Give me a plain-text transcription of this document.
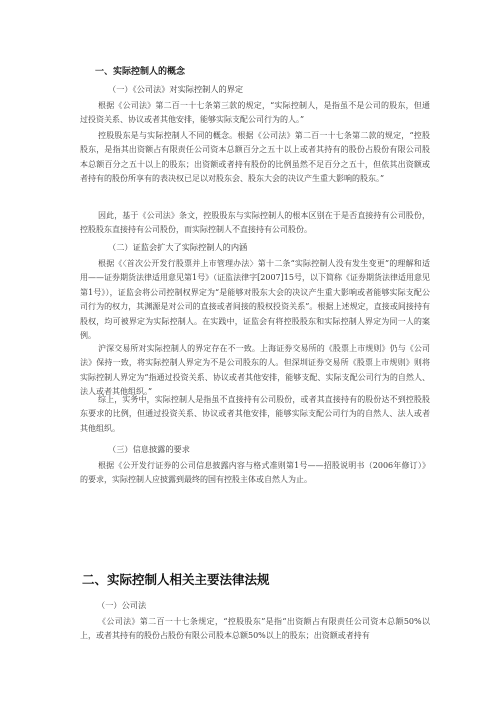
一、实际控制人的概念
（一）《公司法》对实际控制人的界定
根据《公司法》第二百一十七条第三款的规定，“实际控制人，是指虽不是公司的股东，但通过投资关系、协议或者其他安排，能够实际支配公司行为的人。”
控股股东是与实际控制人不同的概念。根据《公司法》第二百一十七条第二款的规定，“控股股东，是指其出资额占有限责任公司资本总额百分之五十以上或者其持有的股份占股份有限公司股本总额百分之五十以上的股东；出资额或者持有股份的比例虽然不足百分之五十，但依其出资额或者持有的股份所享有的表决权已足以对股东会、股东大会的决议产生重大影响的股东。”
因此，基于《公司法》条文，控股股东与实际控制人的根本区别在于是否直接持有公司股份，控股股东直接持有公司股份，而实际控制人不直接持有公司股份。
（二）证监会扩大了实际控制人的内涵
根据《〈首次公开发行股票并上市管理办法〉第十二条“实际控制人没有发生变更”的理解和适用——证券期货法律适用意见第1号》（证监法律字[2007]15号，以下简称《证券期货法律适用意见第1号》），证监会将公司控制权界定为“是能够对股东大会的决议产生重大影响或者能够实际支配公司行为的权力，其渊源是对公司的直接或者间接的股权投资关系”。根据上述规定，直接或间接持有股权，均可被界定为实际控制人。在实践中，证监会有将控股股东和实际控制人界定为同一人的案例。
沪深交易所对实际控制人的界定存在不一致。上海证券交易所的《股票上市规则》仍与《公司法》保持一致，将实际控制人界定为不是公司股东的人。但深圳证券交易所《股票上市规则》则将实际控制人界定为“指通过投资关系、协议或者其他安排，能够支配、实际支配公司行为的自然人、法人或者其他组织。”
综上，实务中，实际控制人是指虽不直接持有公司股份，或者其直接持有的股份达不到控股股东要求的比例，但通过投资关系、协议或者其他安排，能够实际支配公司行为的自然人、法人或者其他组织。
（三）信息披露的要求
根据《公开发行证券的公司信息披露内容与格式准则第1号——招股说明书（2006年修订）》的要求，实际控制人应披露到最终的国有控股主体或自然人为止。
二、实际控制人相关主要法律法规
（一）公司法
《公司法》第二百一十七条规定，“控股股东”是指“出资额占有限责任公司资本总额50%以上，或者其持有的股份占股份有限公司股本总额50%以上的股东；出资额或者持有
